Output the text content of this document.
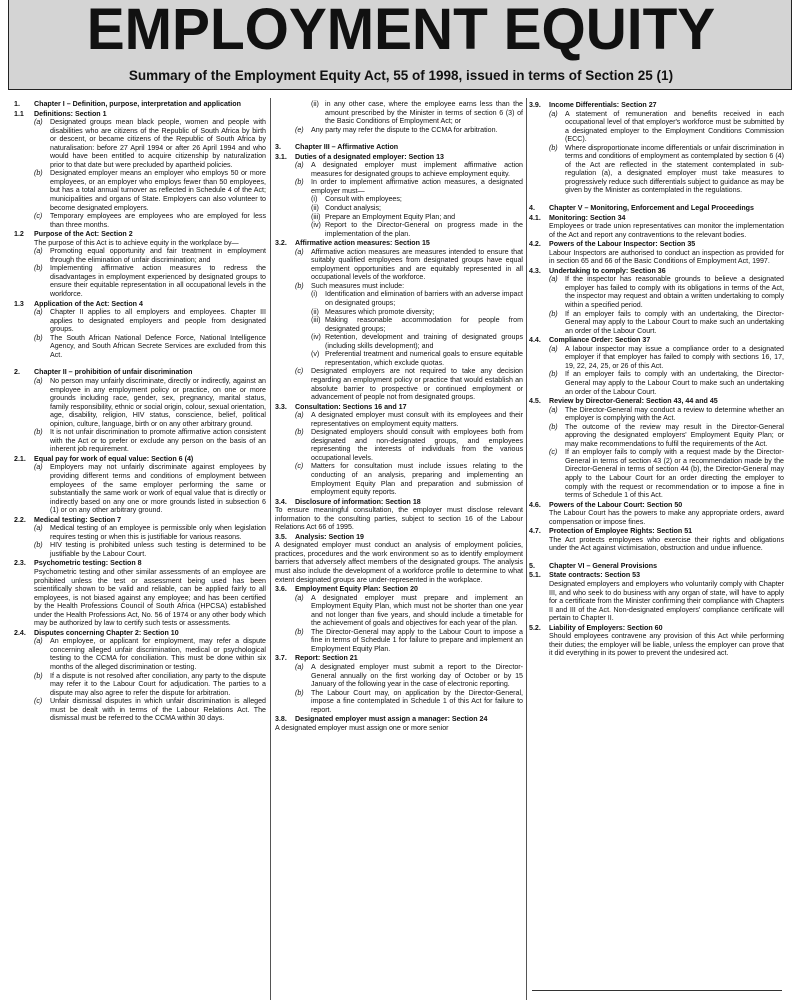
EMPLOYMENT EQUITY
Summary of the Employment Equity Act, 55 of 1998, issued in terms of Section 25 (1)
1.	Chapter I – Definition, purpose, interpretation and application
1.1	Definitions: Section 1
(a)	Designated groups mean black people, women and people with disabilities who are citizens of the Republic of South Africa by birth or descent, or became citizens of the Republic of South Africa by naturalisation: before 27 April 1994 or after 26 April 1994 and who would have been entitled to acquire citizenship by naturalization prior to that date but were precluded by apartheid policies.
(b)	Designated employer means an employer who employs 50 or more employees, or an employer who employs fewer than 50 employees, but has a total annual turnover as reflected in Schedule 4 of the Act; municipalities and organs of State. Employers can also volunteer to become designated employers.
(c)	Temporary employees are employees who are employed for less than three months.
1.2	Purpose of the Act: Section 2
The purpose of this Act is to achieve equity in the workplace by—
(a)	Promoting equal opportunity and fair treatment in employment through the elimination of unfair discrimination; and
(b)	Implementing affirmative action measures to redress the disadvantages in employment experienced by designated groups to ensure their equitable representation in all occupational levels in the workforce.
1.3	Application of the Act: Section 4
(a)	Chapter II applies to all employers and employees. Chapter III applies to designated employers and people from designated groups.
(b)	The South African National Defence Force, National Intelligence Agency, and South African Secrete Services are excluded from this Act.
2.	Chapter II – prohibition of unfair discrimination
(a)	No person may unfairly discriminate, directly or indirectly, against an employee in any employment policy or practice, on one or more grounds including race, gender, sex, pregnancy, marital status, family responsibility, ethnic or social origin, colour, sexual orientation, age, disability, religion, HIV status, conscience, belief, political opinion, culture, language, birth or on any other arbitrary ground.
(b)	It is not unfair discrimination to promote affirmative action consistent with the Act or to prefer or exclude any person on the basis of an inherent job requirement.
2.1.	Equal pay for work of equal value: Section 6 (4)
(a)	Employers may not unfairly discriminate against employees by providing different terms and conditions of employment between employees of the same employer performing the same or substantially the same work or work of equal value that is directly or indirectly based on any one or more grounds listed in subsection 6 (1) or on any other arbitrary ground.
2.2.	Medical testing: Section 7
(a)	Medical testing of an employee is permissible only when legislation requires testing or when this is justifiable for various reasons.
(b)	HIV testing is prohibited unless such testing is determined to be justifiable by the Labour Court.
2.3.	Psychometric testing: Section 8
Psychometric testing and other similar assessments of an employee are prohibited unless the test or assessment being used has been scientifically shown to be valid and reliable, can be applied fairly to all employees, is not biased against any employee; and has been certified by the Health Professions Council of South Africa (HPCSA) established under the Health Professions Act, No. 56 of 1974 or any other body which may be authorized by law to certify such tests or assessments.
2.4.	Disputes concerning Chapter 2: Section 10
(a)	An employee, or applicant for employment, may refer a dispute concerning alleged unfair discrimination, medical or psychological testing to the CCMA for conciliation. This must be done within six months of the alleged discrimination or testing.
(b)	If a dispute is not resolved after conciliation, any party to the dispute may refer it to the Labour Court for adjudication. The parties to a dispute may also agree to refer the dispute for arbitration.
(c)	Unfair dismissal disputes in which unfair discrimination is alleged must be dealt with in terms of the Labour Relations Act. The dismissal must be referred to the CCMA within 30 days.
(ii) in any other case, where the employee earns less than the amount prescribed by the Minister in terms of section 6 (3) of the Basic Conditions of Employment Act; or
(e)	Any party may refer the dispute to the CCMA for arbitration.
3.	Chapter III – Affirmative Action
3.1.	Duties of a designated employer: Section 13
(a)	A designated employer must implement affirmative action measures for designated groups to achieve employment equity.
(b)	In order to implement affirmative action measures, a designated employer must—
(i)	Consult with employees;
(ii) Conduct analysis;
(iii) Prepare an Employment Equity Plan; and
(iv) Report to the Director-General on progress made in the implementation of the plan.
3.2.	Affirmative action measures: Section 15
(a)	Affirmative action measures are measures intended to ensure that suitably qualified employees from designated groups have equal employment opportunities and are equitably represented in all occupational levels of the workforce.
(b)	Such measures must include:
(i)	Identification and elimination of barriers with an adverse impact on designated groups;
(ii) Measures which promote diversity;
(iii) Making reasonable accommodation for people from designated groups;
(iv) Retention, development and training of designated groups (including skills development); and
(v) Preferential treatment and numerical goals to ensure equitable representation, which exclude quotas.
(c)	Designated employers are not required to take any decision regarding an employment policy or practice that would establish an absolute barrier to prospective or continued employment or advancement of people not from designated groups.
3.3.	Consultation: Sections 16 and 17
(a)	A designated employer must consult with its employees and their representatives on employment equity matters.
(b)	Designated employers should consult with employees both from designated and non-designated groups, and employees representing the interests of individuals from the various occupational levels.
(c)	Matters for consultation must include issues relating to the conducting of an analysis, preparing and implementing an Employment Equity Plan and preparation and submission of employment equity reports.
3.4.	Disclosure of information: Section 18
To ensure meaningful consultation, the employer must disclose relevant information to the consulting parties, subject to section 16 of the Labour Relations Act 66 of 1995.
3.5.	Analysis: Section 19
A designated employer must conduct an analysis of employment policies, practices, procedures and the work environment so as to identify employment barriers that adversely affect members of the designated groups. The analysis must also include the development of a workforce profile to determine to what extent designated groups are under-represented in the workplace.
3.6.	Employment Equity Plan: Section 20
(a)	A designated employer must prepare and implement an Employment Equity Plan, which must not be shorter than one year and not longer than five years, and should include a timetable for the achievement of goals and objectives for each year of the plan.
(b)	The Director-General may apply to the Labour Court to impose a fine in terms of Schedule 1 for failure to prepare and implement an Employment Equity Plan.
3.7.	Report: Section 21
(a)	A designated employer must submit a report to the Director-General annually on the first working day of October or by 15 January of the following year in the case of electronic reporting.
(b)	The Labour Court may, on application by the Director-General, impose a fine contemplated in Schedule 1 of this Act for failure to report.
3.8.	Designated employer must assign a manager: Section 24
A designated employer must assign one or more senior
3.9.	Income Differentials: Section 27
(a)	A statement of remuneration and benefits received in each occupational level of that employer's workforce must be submitted by a designated employer to the Employment Conditions Commission (ECC).
(b)	Where disproportionate income differentials or unfair discrimination in terms and conditions of employment as contemplated by section 6 (4) of the Act are reflected in the statement contemplated in sub-regulation (a), a designated employer must take measures to progressively reduce such differentials subject to guidance as may be given by the Minister as contemplated in the regulations.
4.	Chapter V – Monitoring, Enforcement and Legal Proceedings
4.1.	Monitoring: Section 34
Employees or trade union representatives can monitor the implementation of the Act and report any contraventions to the relevant bodies.
4.2.	Powers of the Labour Inspector: Section 35
Labour Inspectors are authorised to conduct an inspection as provided for in section 65 and 66 of the Basic Conditions of Employment Act, 1997.
4.3.	Undertaking to comply: Section 36
(a)	If the inspector has reasonable grounds to believe a designated employer has failed to comply with its obligations in terms of the Act, the inspector may request and obtain a written undertaking to comply within a specified period.
(b)	If an employer fails to comply with an undertaking, the Director-General may apply to the Labour Court to make such an undertaking an order of the Labour Court.
4.4.	Compliance Order: Section 37
(a)	A labour inspector may issue a compliance order to a designated employer if that employer has failed to comply with sections 16, 17, 19, 22, 24, 25, or 26 of this Act.
(b)	If an employer fails to comply with an undertaking, the Director-General may apply to the Labour Court to make such an undertaking an order of the Labour Court.
4.5.	Review by Director-General: Section 43, 44 and 45
(a)	The Director-General may conduct a review to determine whether an employer is complying with the Act.
(b)	The outcome of the review may result in the Director-General approving the designated employers' Employment Equity Plan; or may make recommendations to fulfil the requirements of the Act.
(c)	If an employer fails to comply with a request made by the Director-General in terms of section 43 (2) or a recommendation made by the Director-General in terms of section 44 (b), the Director-General may apply to the Labour Court for an order directing the employer to comply with the request or recommendation or to impose a fine in terms of Schedule 1 of this Act.
4.6.	Powers of the Labour Court: Section 50
The Labour Court has the powers to make any appropriate orders, award compensation or impose fines.
4.7.	Protection of Employee Rights: Section 51
The Act protects employees who exercise their rights and obligations under the Act against victimisation, obstruction and undue influence.
5.	Chapter VI – General Provisions
5.1.	State contracts: Section 53
Designated employers and employers who voluntarily comply with Chapter III, and who seek to do business with any organ of state, will have to apply for a certificate from the Minister confirming their compliance with Chapters II and III of the Act. Non-designated employers' compliance certificate will pertain to Chapter II.
5.2.	Liability of Employers: Section 60
Should employees contravene any provision of this Act while performing their duties; the employer will be liable, unless the employer can prove that it did everything in its power to prevent the undesired act.
